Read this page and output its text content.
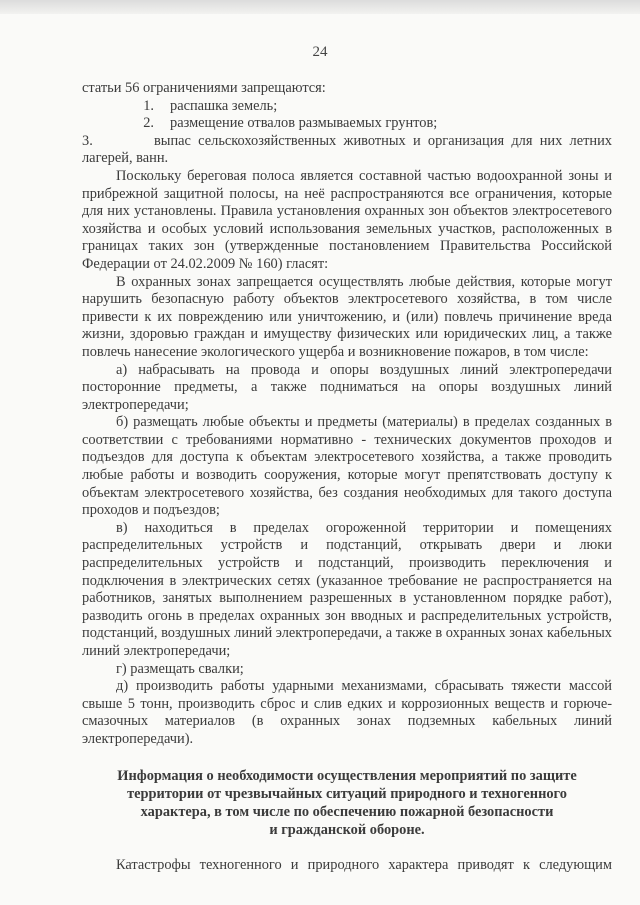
24

статьи 56 ограничениями запрещаются:

1.	распашка земель;
2.	размещение отвалов размываемых грунтов;

3.	выпас сельскохозяйственных животных и организация для них летних лагерей, ванн.

Поскольку береговая полоса является составной частью водоохранной зоны и прибрежной защитной полосы, на неё распространяются все ограничения, которые для них установлены. Правила установления охранных зон объектов электросетевого хозяйства и особых условий использования земельных участков, расположенных в границах таких зон (утвержденные постановлением Правительства Российской Федерации от 24.02.2009 № 160) гласят:

В охранных зонах запрещается осуществлять любые действия, которые могут нарушить безопасную работу объектов электросетевого хозяйства, в том числе привести к их повреждению или уничтожению, и (или) повлечь причинение вреда жизни, здоровью граждан и имуществу физических или юридических лиц, а также повлечь нанесение экологического ущерба и возникновение пожаров, в том числе:

а) набрасывать на провода и опоры воздушных линий электропередачи посторонние предметы, а также подниматься на опоры воздушных линий электропередачи;

б) размещать любые объекты и предметы (материалы) в пределах созданных в соответствии с требованиями нормативно - технических документов проходов и подъездов для доступа к объектам электросетевого хозяйства, а также проводить любые работы и возводить сооружения, которые могут препятствовать доступу к объектам электросетевого хозяйства, без создания необходимых для такого доступа проходов и подъездов;

в) находиться в пределах огороженной территории и помещениях распределительных устройств и подстанций, открывать двери и люки распределительных устройств и подстанций, производить переключения и подключения в электрических сетях (указанное требование не распространяется на работников, занятых выполнением разрешенных в установленном порядке работ), разводить огонь в пределах охранных зон вводных и распределительных устройств, подстанций, воздушных линий электропередачи, а также в охранных зонах кабельных линий электропередачи;

г) размещать свалки;

д) производить работы ударными механизмами, сбрасывать тяжести массой свыше 5 тонн, производить сброс и слив едких и коррозионных веществ и горюче-смазочных материалов (в охранных зонах подземных кабельных линий электропередачи).

Информация о необходимости осуществления мероприятий по защите
территории от чрезвычайных ситуаций природного и техногенного
характера, в том числе по обеспечению пожарной безопасности
и гражданской обороне.

Катастрофы техногенного и природного характера приводят к следующим
